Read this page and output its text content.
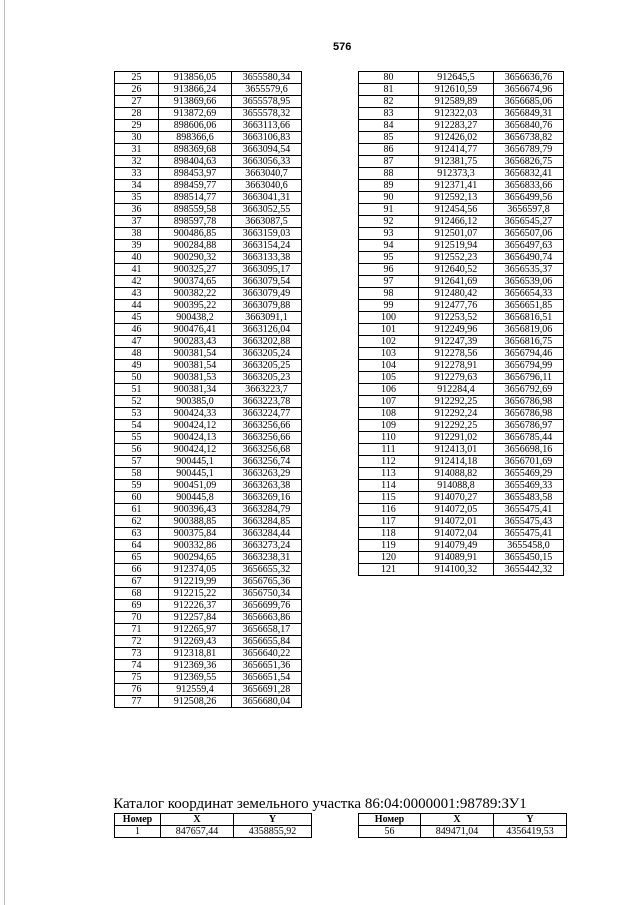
576
25	913856,05	3655580,34
26	913866,24	3655579,6
27	913869,66	3655578,95
28	913872,69	3655578,32
29	898606,06	3663113,66
30	898366,6	3663106,83
31	898369,68	3663094,54
32	898404,63	3663056,33
33	898453,97	3663040,7
34	898459,77	3663040,6
35	898514,77	3663041,31
36	898559,58	3663052,55
37	898597,78	3663087,5
38	900486,85	3663159,03
39	900284,88	3663154,24
40	900290,32	3663133,38
41	900325,27	3663095,17
42	900374,65	3663079,54
43	900382,22	3663079,49
44	900395,22	3663079,88
45	900438,2	3663091,1
46	900476,41	3663126,04
47	900283,43	3663202,88
48	900381,54	3663205,24
49	900381,54	3663205,25
50	900381,53	3663205,23
51	900381,34	3663223,7
52	900385,0	3663223,78
53	900424,33	3663224,77
54	900424,12	3663256,66
55	900424,13	3663256,66
56	900424,12	3663256,68
57	900445,1	3663256,74
58	900445,1	3663263,29
59	900451,09	3663263,38
60	900445,8	3663269,16
61	900396,43	3663284,79
62	900388,85	3663284,85
63	900375,84	3663284,44
64	900332,86	3663273,24
65	900294,65	3663238,31
66	912374,05	3656655,32
67	912219,99	3656765,36
68	912215,22	3656750,34
69	912226,37	3656699,76
70	912257,84	3656663,86
71	912265,97	3656658,17
72	912269,43	3656655,84
73	912318,81	3656640,22
74	912369,36	3656651,36
75	912369,55	3656651,54
76	912559,4	3656691,28
77	912508,26	3656680,04
80	912645,5	3656636,76
81	912610,59	3656674,96
82	912589,89	3656685,06
83	912322,03	3656849,31
84	912283,27	3656840,76
85	912426,02	3656738,82
86	912414,77	3656789,79
87	912381,75	3656826,75
88	912373,3	3656832,41
89	912371,41	3656833,66
90	912592,13	3656499,56
91	912454,56	3656597,8
92	912466,12	3656545,27
93	912501,07	3656507,06
94	912519,94	3656497,63
95	912552,23	3656490,74
96	912640,52	3656535,37
97	912641,69	3656539,06
98	912480,42	3656654,33
99	912477,76	3656651,85
100	912253,52	3656816,51
101	912249,96	3656819,06
102	912247,39	3656816,75
103	912278,56	3656794,46
104	912278,91	3656794,99
105	912279,63	3656796,11
106	912284,4	3656792,69
107	912292,25	3656786,98
108	912292,24	3656786,98
109	912292,25	3656786,97
110	912291,02	3656785,44
111	912413,01	3656698,16
112	912414,18	3656701,69
113	914088,82	3655469,29
114	914088,8	3655469,33
115	914070,27	3655483,58
116	914072,05	3655475,41
117	914072,01	3655475,43
118	914072,04	3655475,41
119	914079,49	3655458,0
120	914089,91	3655450,15
121	914100,32	3655442,32
Каталог координат земельного участка 86:04:0000001:98789:ЗУ1
Номер	X	Y
1	847657,44	4358855,92
Номер	X	Y
56	849471,04	4356419,53
